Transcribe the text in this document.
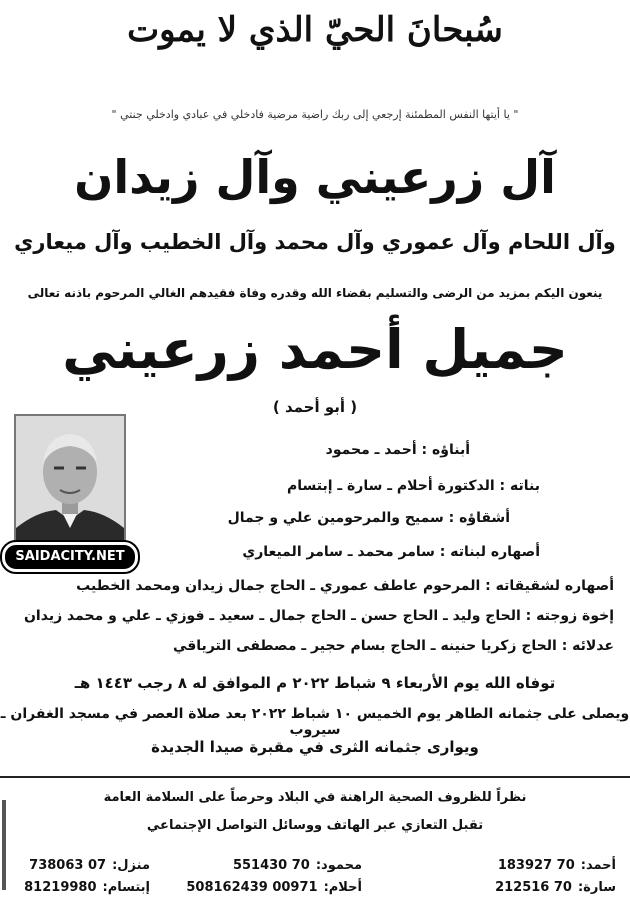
سُبحانَ الحيّ الذي لا يموت
" يا أيتها النفس المطمئنة إرجعي إلى ربك راضية مرضية فادخلي في عبادي وادخلي جنتي "
آل زرعيني وآل زيدان
وآل اللحام وآل عموري وآل محمد وآل الخطيب وآل ميعاري
ينعون اليكم بمزيد من الرضى والتسليم بقضاء الله وقدره وفاة فقيدهم الغالي المرحوم باذنه تعالى
جميل أحمد زرعيني
( أبو أحمد )
SAIDACITY.NET
أبناؤه : أحمد ـ محمود
بناته : الدكتورة أحلام ـ سارة ـ إبتسام
أشقاؤه : سميح والمرحومين علي و جمال
أصهاره لبناته : سامر محمد ـ سامر الميعاري
أصهاره لشقيقاته : المرحوم عاطف عموري ـ الحاج جمال زيدان ومحمد الخطيب
إخوة زوجته : الحاج وليد ـ الحاج حسن ـ الحاج جمال ـ سعيد ـ فوزي ـ علي و محمد زيدان
عدلائه : الحاج زكريا حنينه ـ الحاج بسام حجير ـ مصطفى الترياقي
توفاه الله يوم الأربعاء ٩ شباط ٢٠٢٢ م الموافق له ٨ رجب ١٤٤٣ هـ
ويصلى على جثمانه الطاهر يوم الخميس ١٠ شباط ٢٠٢٢ بعد صلاة العصر في مسجد الغفران ـ سيروب
ويوارى جثمانه الثرى في مقبرة صيدا الجديدة
نظراً للظروف الصحية الراهنة في البلاد وحرصاً على السلامة العامة
تقبل التعازي عبر الهاتف ووسائل التواصل الإجتماعي
أحمد:70 183927
سارة:70 212516
محمود:70 551430
أحلام:00971 508162439
منزل:07 738063
إبتسام:81219980
